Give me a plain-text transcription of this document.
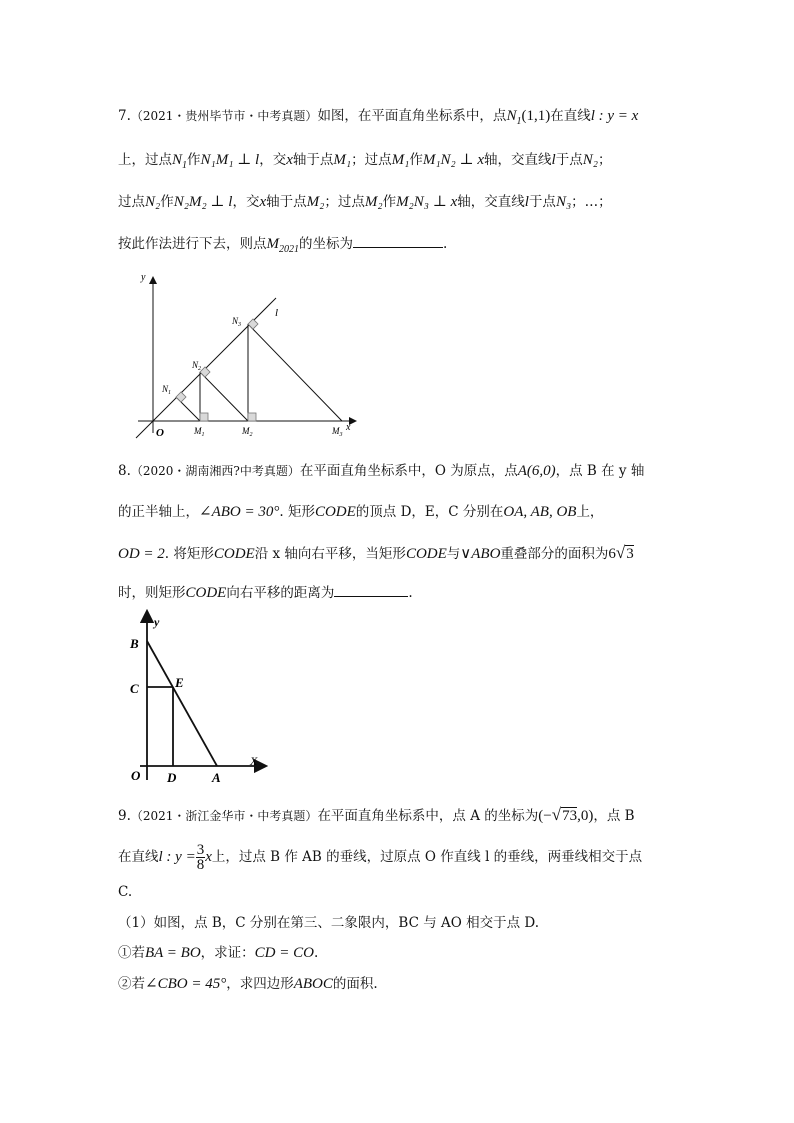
7.（2021・贵州毕节市・中考真题）如图，在平面直角坐标系中，点$N_1(1,1)$在直线l : y = x
上，过点$N_1$作N₁M₁ ⊥ l，交x轴于点M₁；过点M₁作M₁N₂ ⊥ x轴，交直线l于点N₂；
过点N₂作N₂M₂ ⊥ l，交x轴于点M₂；过点M₂作M₂N₃ ⊥ x轴，交直线l于点N₃；…；
按此作法进行下去，则点$M_{2021}$的坐标为	.
y
l
$N_3$
$N_2$
$N_1$
O	$M_1$	$M_2$	$M_3$
x
8.（2020・湖南湘西?中考真题）在平面直角坐标系中，O 为原点，点A(6,0)，点 B 在 y 轴
的正半轴上，∠ABO = 30°. 矩形CODE的顶点 D，E，C 分别在OA, AB, OB上，
OD = 2. 将矩形CODE沿 x 轴向右平移，当矩形CODE与∨ABO重叠部分的面积为6√3
时，则矩形CODE向右平移的距离为	.
y
B
C	E
O D	A
X
9.（2021・浙江金华市・中考真题）在平面直角坐标系中，点 A 的坐标为(−√73,0)，点 B
在直线l : $y = \frac{3}{8}$ x上，过点 B 作 AB 的垂线，过原点 O 作直线 l 的垂线，两垂线相交于点
C.
（1）如图，点 B，C 分别在第三、二象限内，BC 与 AO 相交于点 D.
①若BA = BO，求证：CD = CO.
②若∠CBO = 45°，求四边形ABOC的面积.
